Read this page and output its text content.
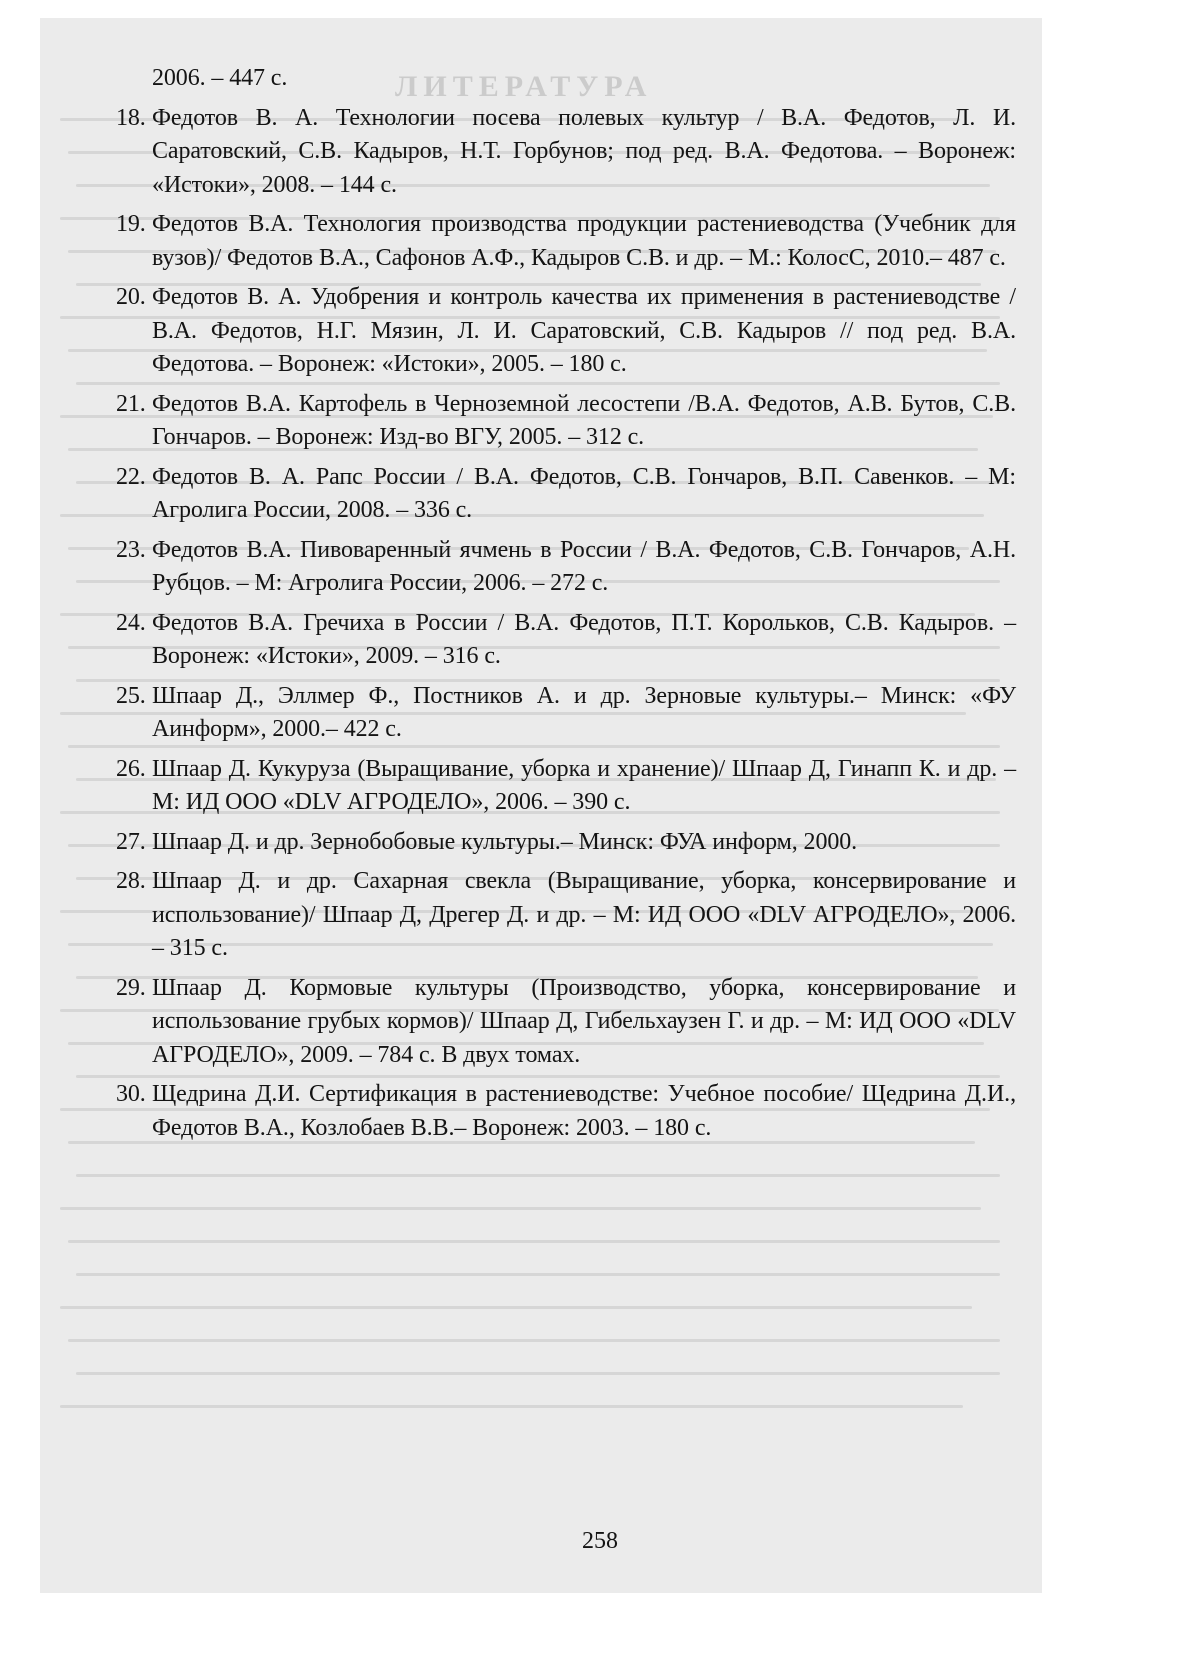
ЛИТЕРАТУРА
2006. – 447 с.
18. Федотов В. А. Технологии посева полевых культур / В.А. Федотов, Л. И. Саратовский, С.В. Кадыров, Н.Т. Горбунов; под ред. В.А. Федотова. – Воронеж: «Истоки», 2008. – 144 с.
19. Федотов В.А. Технология производства продукции растениеводства (Учебник для вузов)/ Федотов В.А., Сафонов А.Ф., Кадыров С.В. и др. – М.: КолосС, 2010.– 487 с.
20. Федотов В. А. Удобрения и контроль качества их применения в растениеводстве / В.А. Федотов, Н.Г. Мязин, Л. И. Саратовский, С.В. Кадыров // под ред. В.А. Федотова. – Воронеж: «Истоки», 2005. – 180 с.
21. Федотов В.А. Картофель в Черноземной лесостепи /В.А. Федотов, А.В. Бутов, С.В. Гончаров. – Воронеж: Изд-во ВГУ, 2005. – 312 с.
22. Федотов В. А. Рапс России / В.А. Федотов, С.В. Гончаров, В.П. Савенков. – М: Агролига России, 2008. – 336 с.
23. Федотов В.А. Пивоваренный ячмень в России / В.А. Федотов, С.В. Гончаров, А.Н. Рубцов. – М: Агролига России, 2006. – 272 с.
24. Федотов В.А. Гречиха в России / В.А. Федотов, П.Т. Корольков, С.В. Кадыров. – Воронеж: «Истоки», 2009. – 316 с.
25. Шпаар Д., Эллмер Ф., Постников А. и др. Зерновые культуры.– Минск: «ФУ Аинформ», 2000.– 422 с.
26. Шпаар Д. Кукуруза (Выращивание, уборка и хранение)/ Шпаар Д, Гинапп К. и др. – М: ИД ООО «DLV АГРОДЕЛО», 2006. – 390 с.
27. Шпаар Д. и др. Зернобобовые культуры.– Минск: ФУА информ, 2000.
28. Шпаар Д. и др. Сахарная свекла (Выращивание, уборка, консервирование и использование)/ Шпаар Д, Дрегер Д. и др. – М: ИД ООО «DLV АГРОДЕЛО», 2006. – 315 с.
29. Шпаар Д. Кормовые культуры (Производство, уборка, консервирование и использование грубых кормов)/ Шпаар Д, Гибельхаузен Г. и др. – М: ИД ООО «DLV АГРОДЕЛО», 2009. – 784 с. В двух томах.
30. Щедрина Д.И. Сертификация в растениеводстве: Учебное пособие/ Щедрина Д.И., Федотов В.А., Козлобаев В.В.– Воронеж: 2003. – 180 с.
258
